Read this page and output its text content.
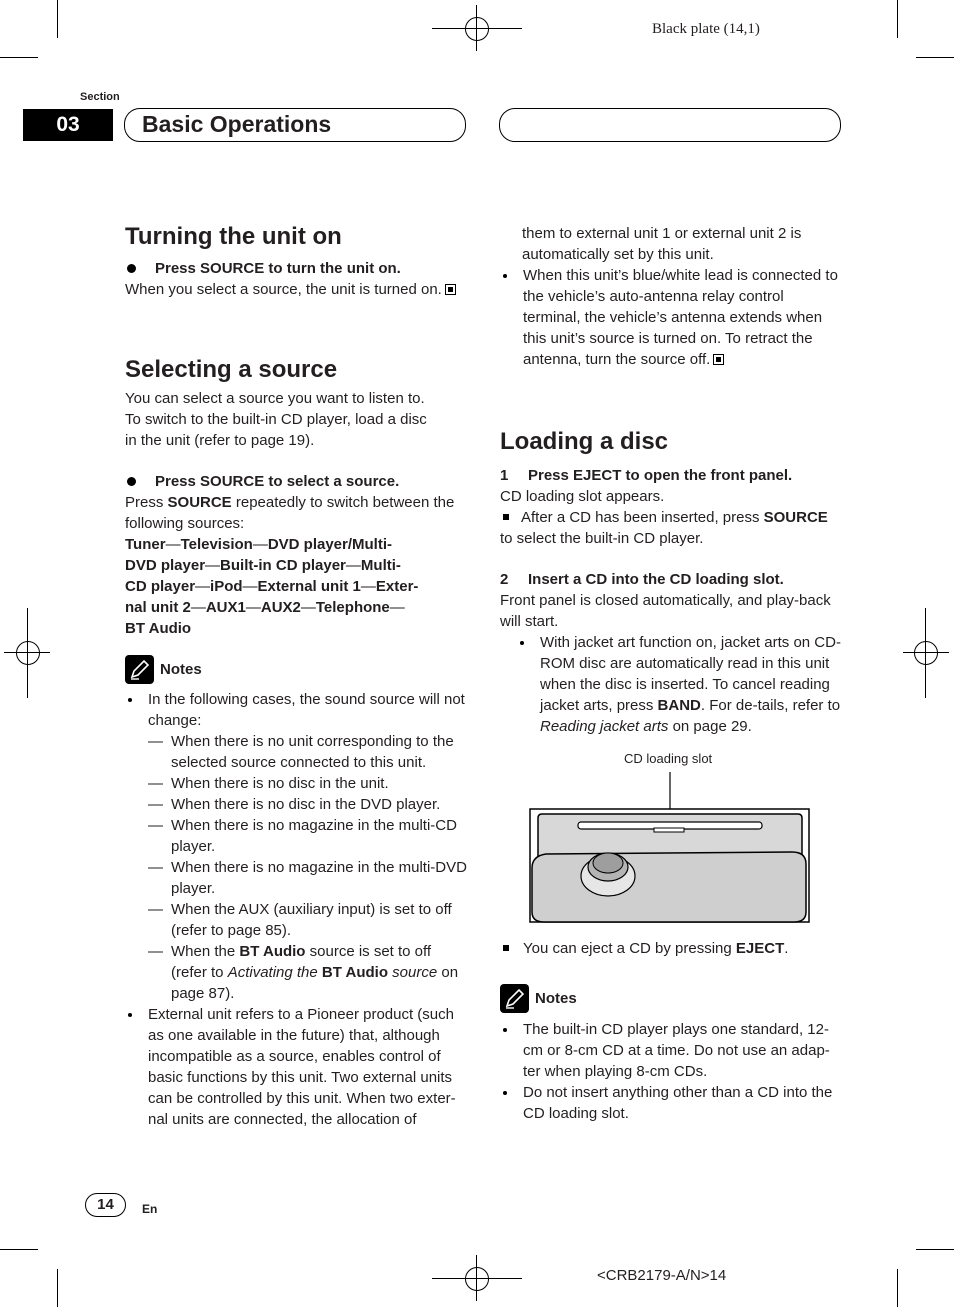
Black plate (14,1)
Section
03	Basic Operations
Turning the unit on

Press SOURCE to turn the unit on.

When you select a source, the unit is turned on.

Selecting a source

You can select a source you want to listen to.
To switch to the built-in CD player, load a disc
in the unit (refer to page 19).

Press SOURCE to select a source.

Press SOURCE repeatedly to switch between the following sources:

Tuner—Television—DVD player/Multi-
DVD player—Built-in CD player—Multi-
CD player—iPod—External unit 1—Exter-
nal unit 2—AUX1—AUX2—Telephone—
BT Audio
Notes
In the following cases, the sound source will not change:
— When there is no unit corresponding to the selected source connected to this unit.
— When there is no disc in the unit.
— When there is no disc in the DVD player.
— When there is no magazine in the multi-CD player.
— When there is no magazine in the multi-DVD player.
— When the AUX (auxiliary input) is set to off (refer to page 85).
— When the BT Audio source is set to off (refer to Activating the BT Audio source on page 87).
External unit refers to a Pioneer product (such as one available in the future) that, although incompatible as a source, enables control of basic functions by this unit. Two external units can be controlled by this unit. When two exter-nal units are connected, the allocation of

them to external unit 1 or external unit 2 is automatically set by this unit.

When this unit’s blue/white lead is connected to the vehicle’s auto-antenna relay control terminal, the vehicle’s antenna extends when this unit’s source is turned on. To retract the antenna, turn the source off.
Loading a disc

1 Press EJECT to open the front panel.

CD loading slot appears.

After a CD has been inserted, press SOURCE to select the built-in CD player.

2 Insert a CD into the CD loading slot.

Front panel is closed automatically, and play-back will start.

With jacket art function on, jacket arts on CD-ROM disc are automatically read in this unit when the disc is inserted. To cancel reading jacket arts, press BAND. For de-tails, refer to Reading jacket arts on page 29.
CD loading slot

You can eject a CD by pressing EJECT.

Notes
The built-in CD player plays one standard, 12-cm or 8-cm CD at a time. Do not use an adap-ter when playing 8-cm CDs.
Do not insert anything other than a CD into the CD loading slot.
14	En
<CRB2179-A/N>14
